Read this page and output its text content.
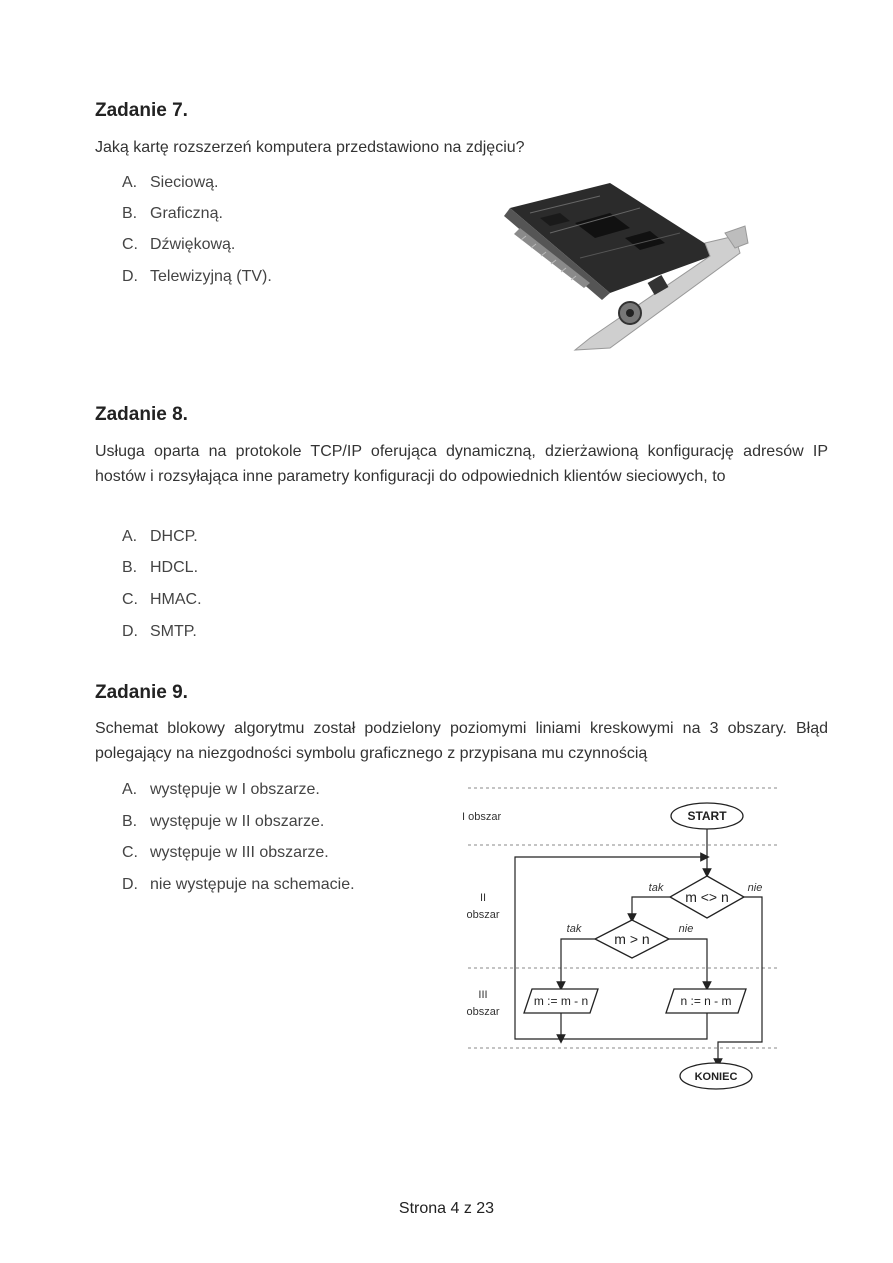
Zadanie 7.

Jaką kartę rozszerzeń komputera przedstawiono na zdjęciu?

A. Sieciową.
B. Graficzną.
C. Dźwiękową.
D. Telewizyjną (TV).
Zadanie 8.

Usługa oparta na protokole TCP/IP oferująca dynamiczną, dzierżawioną konfigurację adresów IP hostów i rozsyłająca inne parametry konfiguracji do odpowiednich klientów sieciowych, to

A. DHCP.
B. HDCL.
C. HMAC.
D. SMTP.
Zadanie 9.

Schemat blokowy algorytmu został podzielony poziomymi liniami kreskowymi na 3 obszary. Błąd polegający na niezgodności symbolu graficznego z przypisana mu czynnością

A. występuje w I obszarze.
B. występuje w II obszarze.
C. występuje w III obszarze.
D. nie występuje na schemacie.
I obszar
II
obszar
III
obszar
START
m <> n
tak	nie
m > n
tak	nie
m := m - n	n := n - m
KONIEC
Strona 4 z 23
